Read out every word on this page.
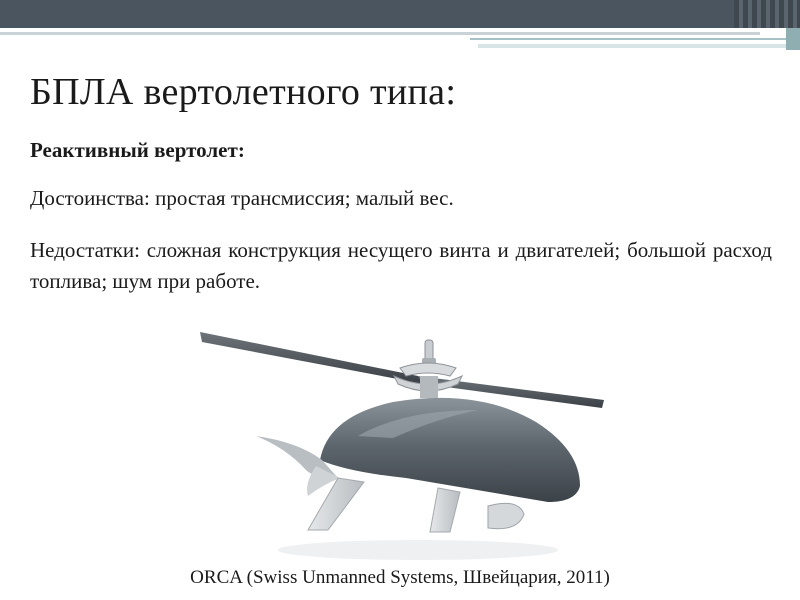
БПЛА вертолетного типа:

Реактивный вертолет:

Достоинства: простая трансмиссия; малый вес.

Недостатки: сложная конструкция несущего винта и двигателей; большой расход топлива; шум при работе.

ORCA (Swiss Unmanned Systems, Швейцария, 2011)
